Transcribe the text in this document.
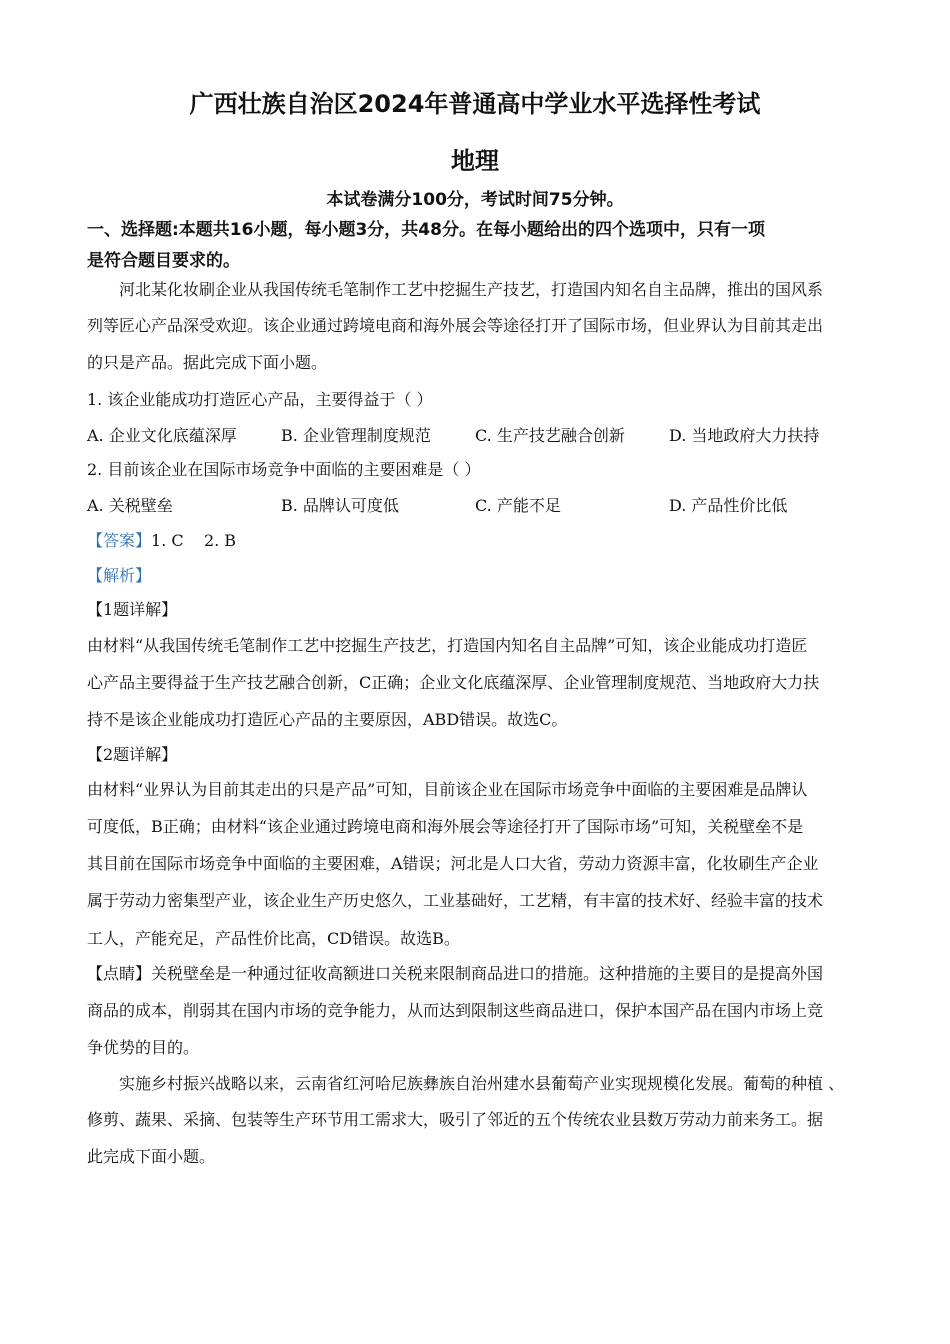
广西壮族自治区2024年普通高中学业水平选择性考试
地理
本试卷满分100分，考试时间75分钟。
一、选择题:本题共16小题，每小题3分，共48分。在每小题给出的四个选项中，只有一项
是符合题目要求的。
河北某化妆刷企业从我国传统毛笔制作工艺中挖掘生产技艺，打造国内知名自主品牌，推出的国风系
列等匠心产品深受欢迎。该企业通过跨境电商和海外展会等途径打开了国际市场，但业界认为目前其走出
的只是产品。据此完成下面小题。
1. 该企业能成功打造匠心产品，主要得益于（ ）
A. 企业文化底蕴深厚	B. 企业管理制度规范	C. 生产技艺融合创新	D. 当地政府大力扶持
2. 目前该企业在国际市场竞争中面临的主要困难是（ ）
A. 关税壁垒	B. 品牌认可度低	C. 产能不足	D. 产品性价比低
【答案】1. C    2. B
【解析】
【1题详解】
由材料“从我国传统毛笔制作工艺中挖掘生产技艺，打造国内知名自主品牌”可知，该企业能成功打造匠
心产品主要得益于生产技艺融合创新，C正确；企业文化底蕴深厚、企业管理制度规范、当地政府大力扶
持不是该企业能成功打造匠心产品的主要原因，ABD错误。故选C。
【2题详解】
由材料“业界认为目前其走出的只是产品”可知，目前该企业在国际市场竞争中面临的主要困难是品牌认
可度低，B正确；由材料“该企业通过跨境电商和海外展会等途径打开了国际市场”可知，关税壁垒不是
其目前在国际市场竞争中面临的主要困难，A错误；河北是人口大省，劳动力资源丰富，化妆刷生产企业
属于劳动力密集型产业，该企业生产历史悠久，工业基础好，工艺精，有丰富的技术好、经验丰富的技术
工人，产能充足，产品性价比高，CD错误。故选B。
【点睛】关税壁垒是一种通过征收高额进口关税来限制商品进口的措施。这种措施的主要目的是提高外国
商品的成本，削弱其在国内市场的竞争能力，从而达到限制这些商品进口，保护本国产品在国内市场上竞
争优势的目的。
实施乡村振兴战略以来，云南省红河哈尼族彝族自治州建水县葡萄产业实现规模化发展。葡萄的种植 、
修剪、蔬果、采摘、包装等生产环节用工需求大，吸引了邻近的五个传统农业县数万劳动力前来务工。据
此完成下面小题。
